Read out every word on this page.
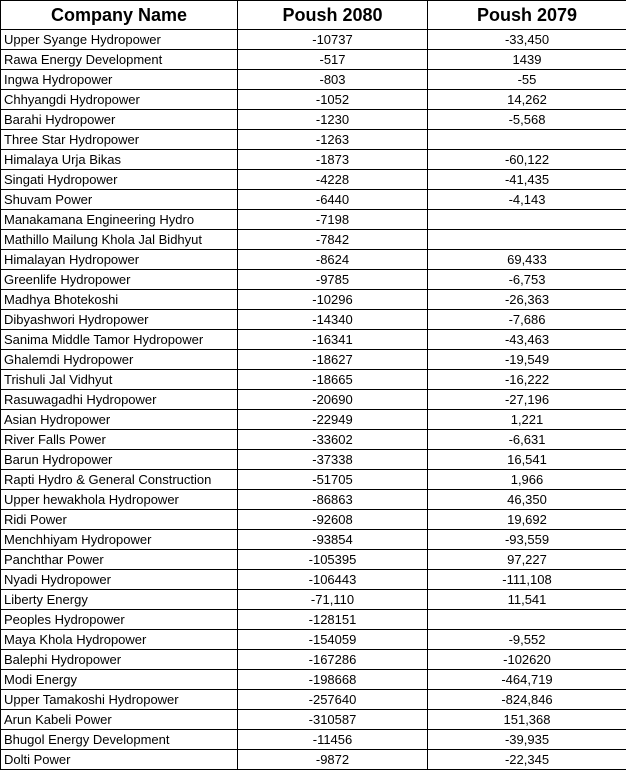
Company Name	Poush 2080	Poush 2079
Upper Syange Hydropower	-10737	-33,450
Rawa Energy Development	-517	1439
Ingwa Hydropower	-803	-55
Chhyangdi Hydropower	-1052	14,262
Barahi Hydropower	-1230	-5,568
Three Star Hydropower	-1263	
Himalaya Urja Bikas	-1873	-60,122
Singati Hydropower	-4228	-41,435
Shuvam Power	-6440	-4,143
Manakamana Engineering Hydro	-7198	
Mathillo Mailung Khola Jal Bidhyut	-7842	
Himalayan Hydropower	-8624	69,433
Greenlife Hydropower	-9785	-6,753
Madhya Bhotekoshi	-10296	-26,363
Dibyashwori Hydropower	-14340	-7,686
Sanima Middle Tamor Hydropower	-16341	-43,463
Ghalemdi Hydropower	-18627	-19,549
Trishuli Jal Vidhyut	-18665	-16,222
Rasuwagadhi Hydropower	-20690	-27,196
Asian Hydropower	-22949	1,221
River Falls Power	-33602	-6,631
Barun Hydropower	-37338	16,541
Rapti Hydro & General Construction	-51705	1,966
Upper hewakhola Hydropower	-86863	46,350
Ridi Power	-92608	19,692
Menchhiyam Hydropower	-93854	-93,559
Panchthar Power	-105395	97,227
Nyadi Hydropower	-106443	-111,108
Liberty Energy	-71,110	11,541
Peoples Hydropower	-128151	
Maya Khola Hydropower	-154059	-9,552
Balephi Hydropower	-167286	-102620
Modi Energy	-198668	-464,719
Upper Tamakoshi Hydropower	-257640	-824,846
Arun Kabeli Power	-310587	151,368
Bhugol Energy Development	-11456	-39,935
Dolti Power	-9872	-22,345
